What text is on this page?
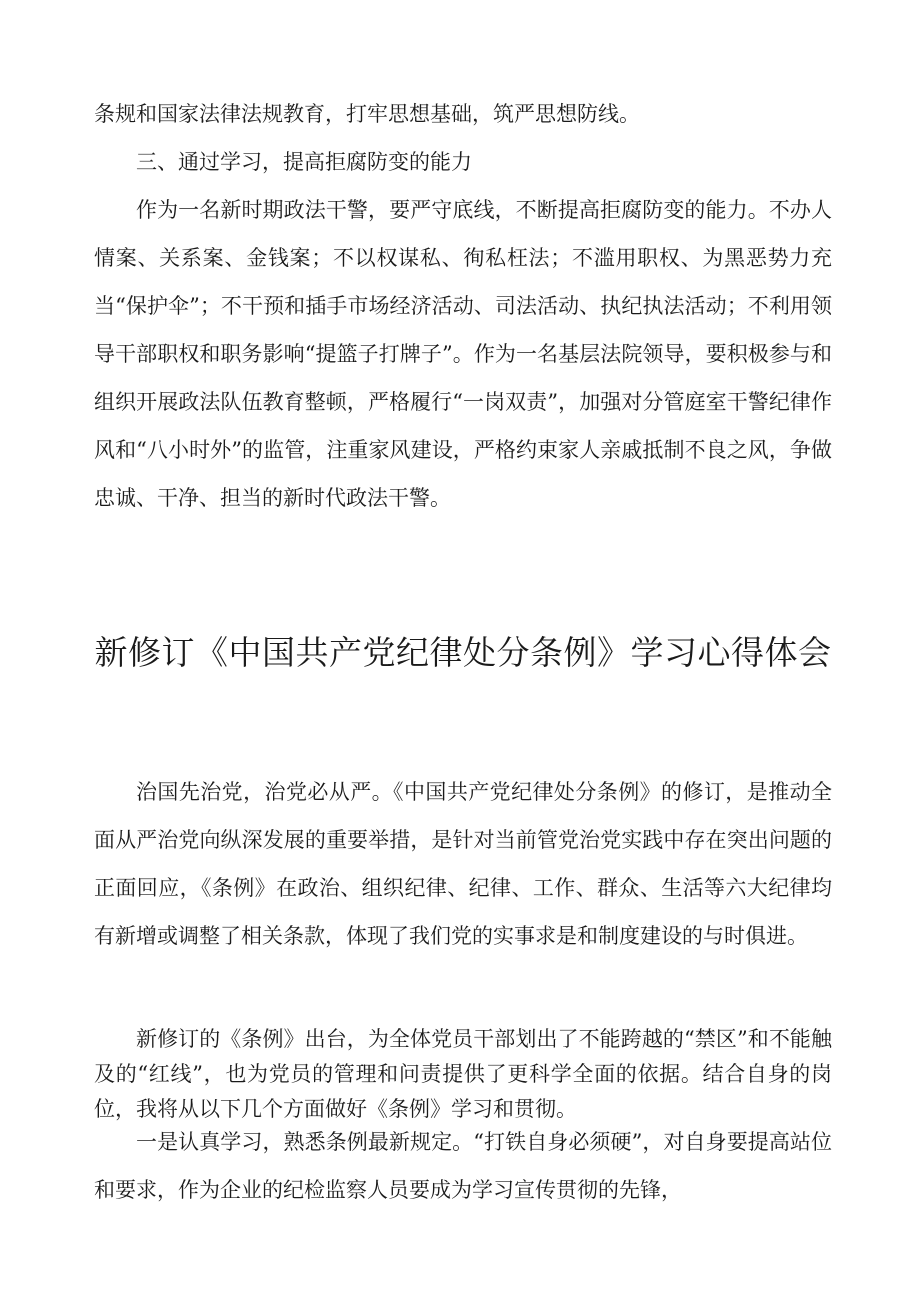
条规和国家法律法规教育，打牢思想基础，筑严思想防线。

三、通过学习，提高拒腐防变的能力

作为一名新时期政法干警，要严守底线，不断提高拒腐防变的能力。不办人情案、关系案、金钱案；不以权谋私、徇私枉法；不滥用职权、为黑恶势力充当“保护伞”；不干预和插手市场经济活动、司法活动、执纪执法活动；不利用领导干部职权和职务影响“提篮子打牌子”。作为一名基层法院领导，要积极参与和组织开展政法队伍教育整顿，严格履行“一岗双责”，加强对分管庭室干警纪律作风和“八小时外”的监管，注重家风建设，严格约束家人亲戚抵制不良之风，争做忠诚、干净、担当的新时代政法干警。

新修订《中国共产党纪律处分条例》学习心得体会

治国先治党，治党必从严。《中国共产党纪律处分条例》的修订，是推动全面从严治党向纵深发展的重要举措，是针对当前管党治党实践中存在突出问题的正面回应，《条例》在政治、组织纪律、纪律、工作、群众、生活等六大纪律均有新增或调整了相关条款，体现了我们党的实事求是和制度建设的与时俱进。

新修订的《条例》出台，为全体党员干部划出了不能跨越的“禁区”和不能触及的“红线”，也为党员的管理和问责提供了更科学全面的依据。结合自身的岗位，我将从以下几个方面做好《条例》学习和贯彻。

一是认真学习，熟悉条例最新规定。“打铁自身必须硬”，对自身要提高站位和要求，作为企业的纪检监察人员要成为学习宣传贯彻的先锋，
